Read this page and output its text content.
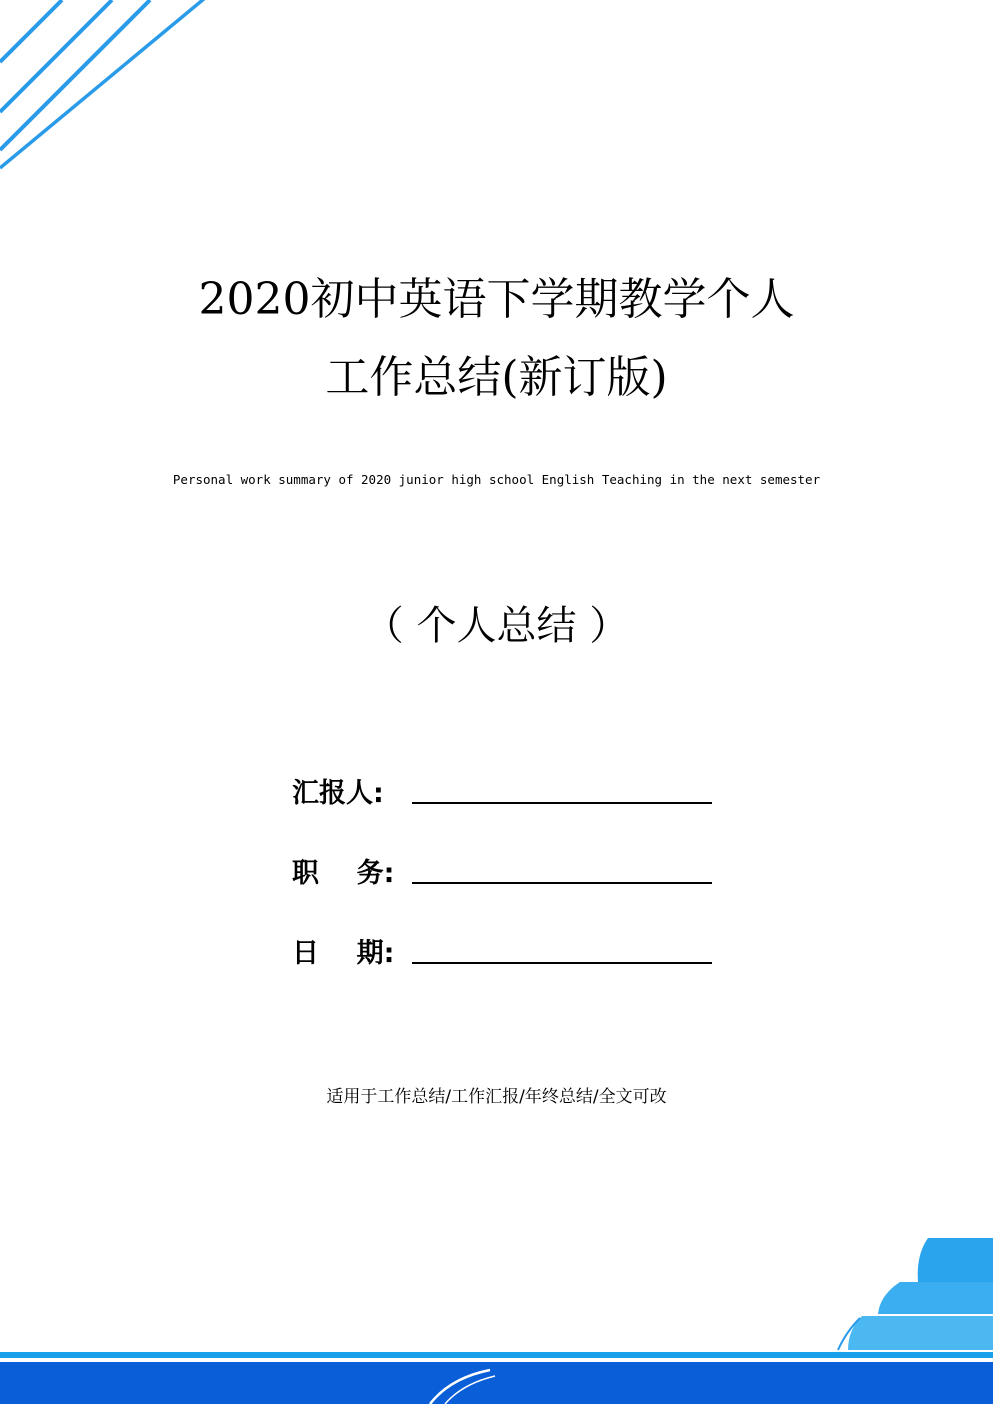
2020初中英语下学期教学个人
工作总结(新订版)
Personal work summary of 2020 junior high school English Teaching in the next semester
（ 个人总结 ）
汇报人:
职    务:
日    期:
适用于工作总结/工作汇报/年终总结/全文可改
